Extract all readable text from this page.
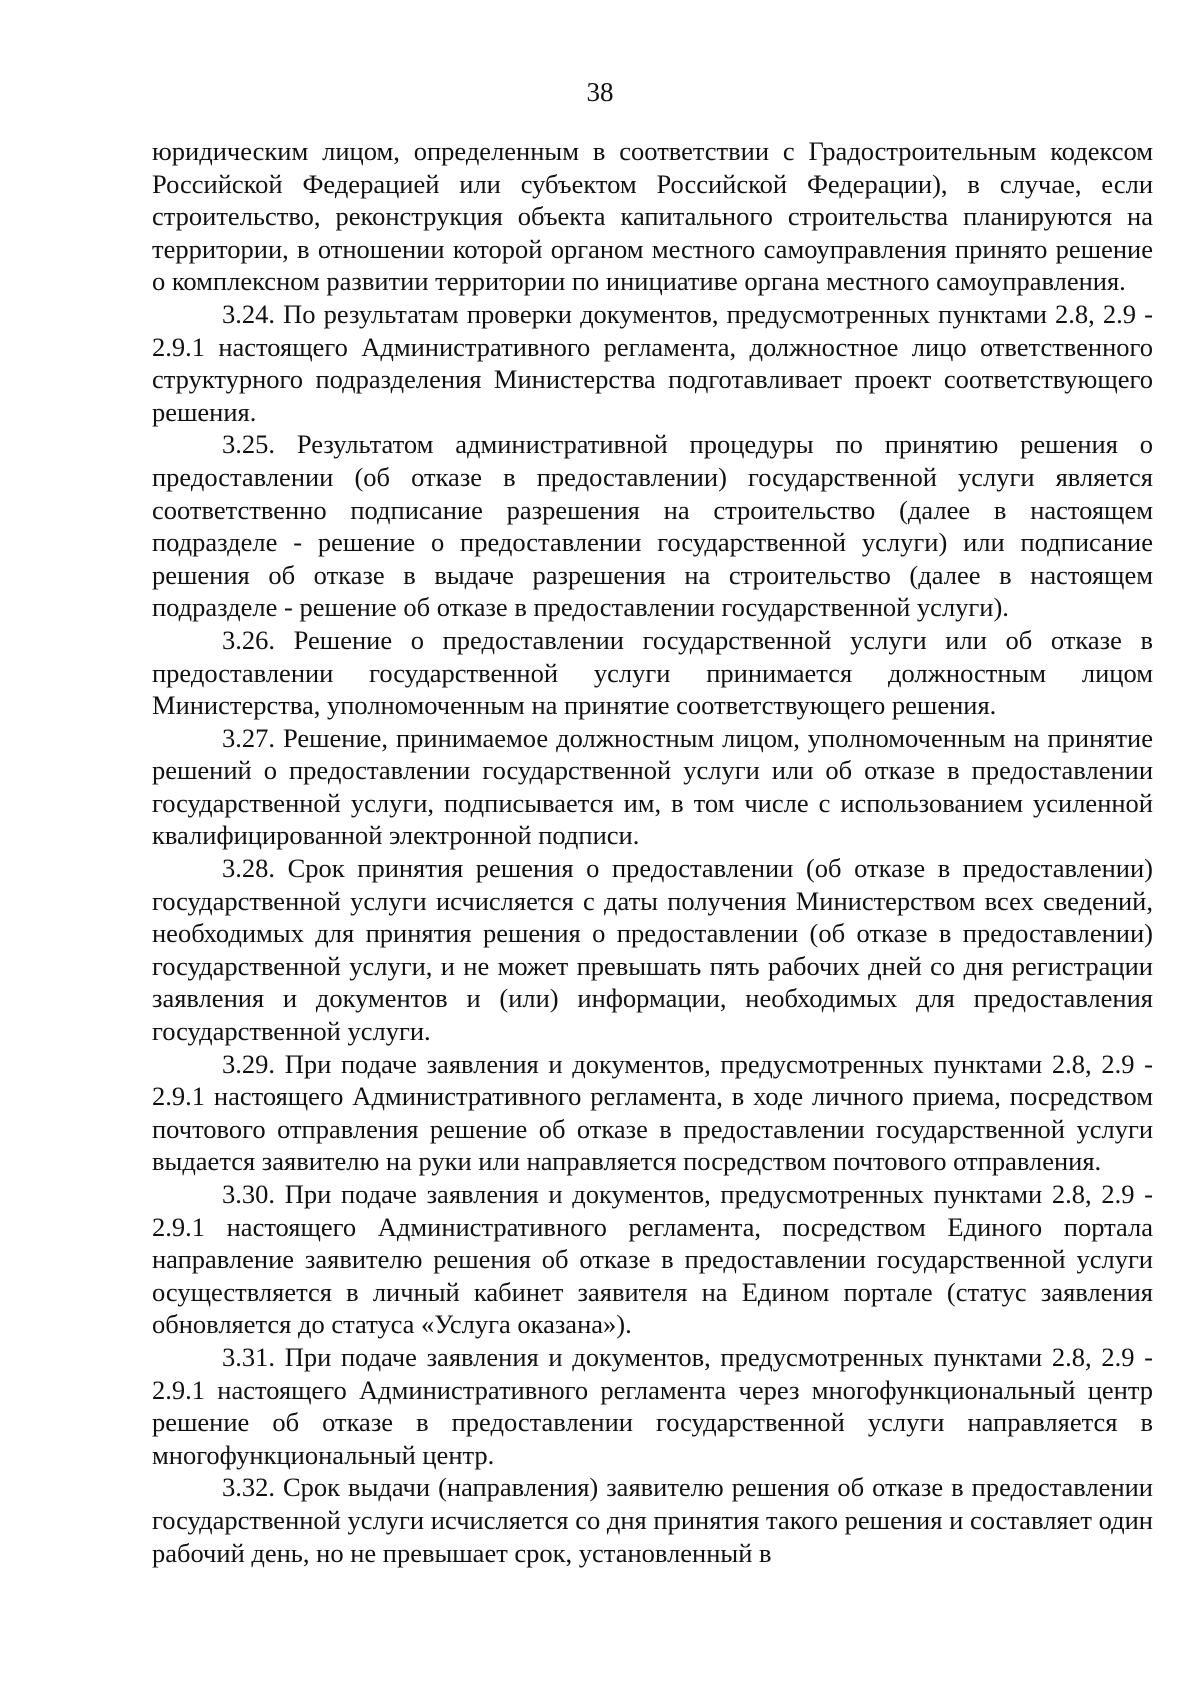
38

юридическим лицом, определенным в соответствии с Градостроительным кодексом Российской Федерацией или субъектом Российской Федерации), в случае, если строительство, реконструкция объекта капитального строительства планируются на территории, в отношении которой органом местного самоуправления принято решение о комплексном развитии территории по инициативе органа местного самоуправления.

3.24. По результатам проверки документов, предусмотренных пунктами 2.8, 2.9 - 2.9.1 настоящего Административного регламента, должностное лицо ответственного структурного подразделения Министерства подготавливает проект соответствующего решения.

3.25. Результатом административной процедуры по принятию решения о предоставлении (об отказе в предоставлении) государственной услуги является соответственно подписание разрешения на строительство (далее в настоящем подразделе - решение о предоставлении государственной услуги) или подписание решения об отказе в выдаче разрешения на строительство (далее в настоящем подразделе - решение об отказе в предоставлении государственной услуги).

3.26. Решение о предоставлении государственной услуги или об отказе в предоставлении государственной услуги принимается должностным лицом Министерства, уполномоченным на принятие соответствующего решения.

3.27. Решение, принимаемое должностным лицом, уполномоченным на принятие решений о предоставлении государственной услуги или об отказе в предоставлении государственной услуги, подписывается им, в том числе с использованием усиленной квалифицированной электронной подписи.

3.28. Срок принятия решения о предоставлении (об отказе в предоставлении) государственной услуги исчисляется с даты получения Министерством всех сведений, необходимых для принятия решения о предоставлении (об отказе в предоставлении) государственной услуги, и не может превышать пять рабочих дней со дня регистрации заявления и документов и (или) информации, необходимых для предоставления государственной услуги.

3.29. При подаче заявления и документов, предусмотренных пунктами 2.8, 2.9 - 2.9.1 настоящего Административного регламента, в ходе личного приема, посредством почтового отправления решение об отказе в предоставлении государственной услуги выдается заявителю на руки или направляется посредством почтового отправления.

3.30. При подаче заявления и документов, предусмотренных пунктами 2.8, 2.9 - 2.9.1 настоящего Административного регламента, посредством Единого портала направление заявителю решения об отказе в предоставлении государственной услуги осуществляется в личный кабинет заявителя на Едином портале (статус заявления обновляется до статуса «Услуга оказана»).

3.31. При подаче заявления и документов, предусмотренных пунктами 2.8, 2.9 - 2.9.1 настоящего Административного регламента через многофункциональный центр решение об отказе в предоставлении государственной услуги направляется в многофункциональный центр.

3.32. Срок выдачи (направления) заявителю решения об отказе в предоставлении государственной услуги исчисляется со дня принятия такого решения и составляет один рабочий день, но не превышает срок, установленный в
